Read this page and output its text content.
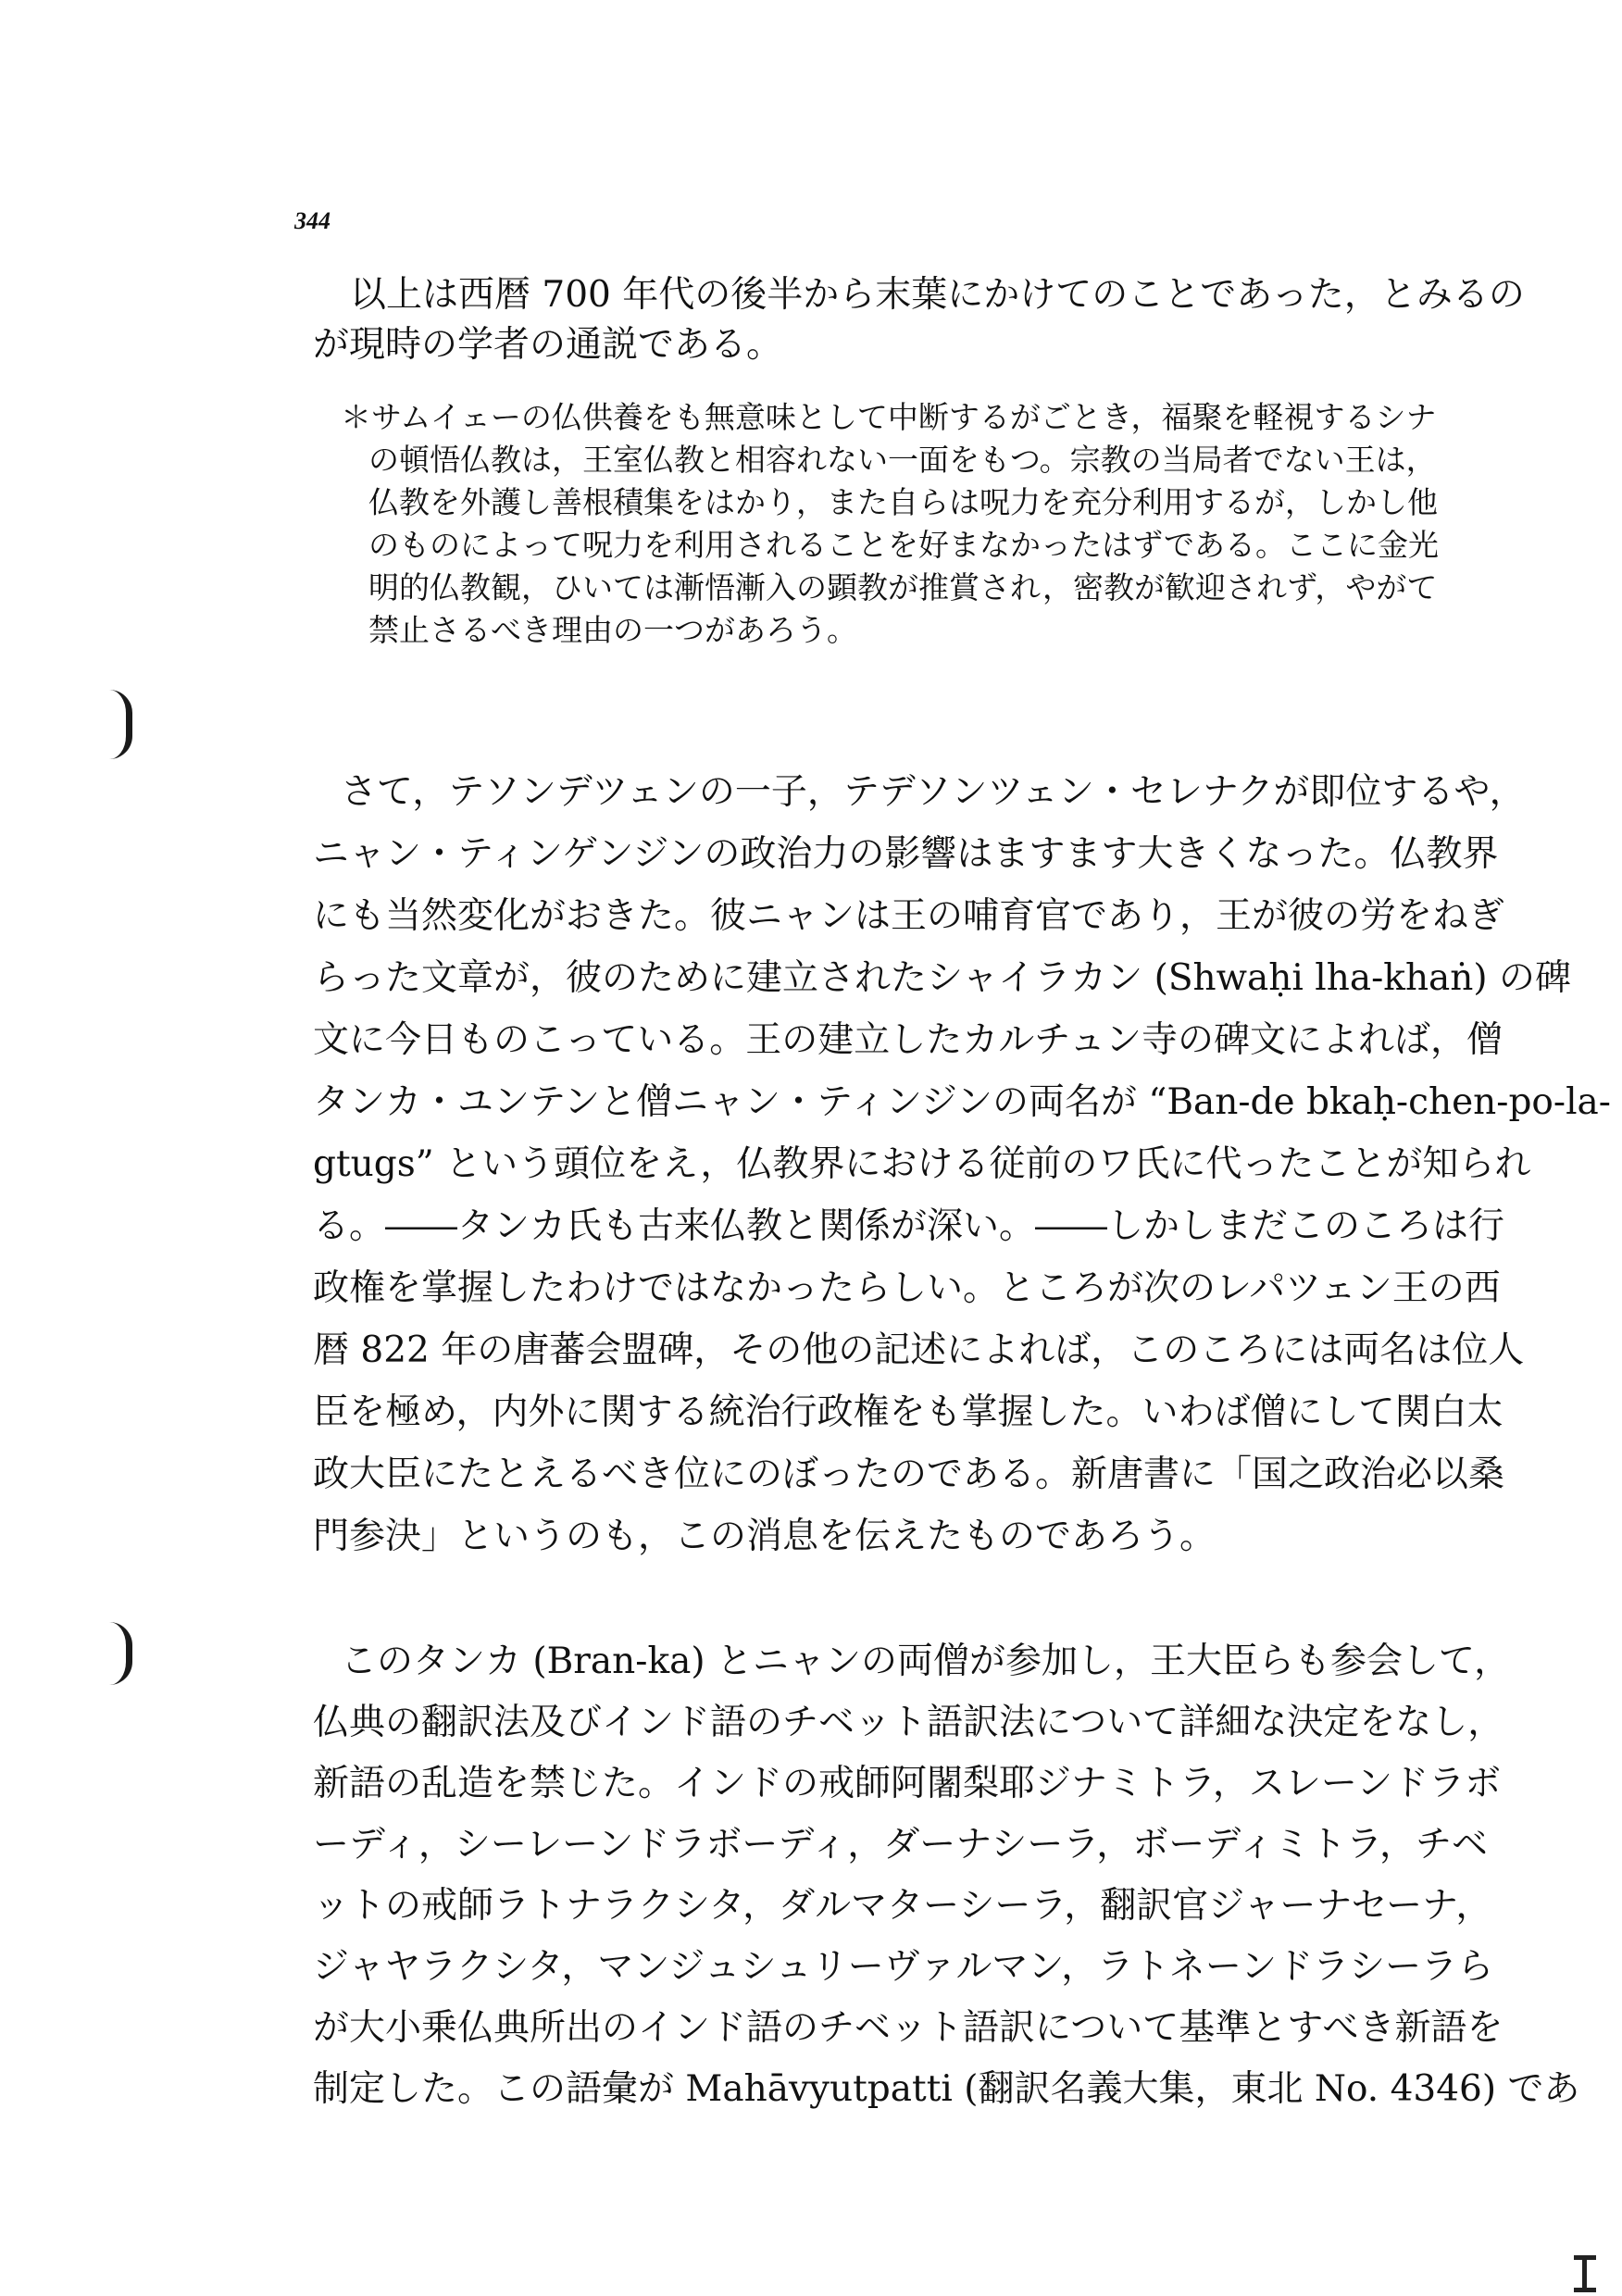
344
以上は西暦 700 年代の後半から末葉にかけてのことであった，とみるの
が現時の学者の通説である。
＊サムイェーの仏供養をも無意味として中断するがごとき，福聚を軽視するシナ
の頓悟仏教は，王室仏教と相容れない一面をもつ。宗教の当局者でない王は，
仏教を外護し善根積集をはかり，また自らは呪力を充分利用するが，しかし他
のものによって呪力を利用されることを好まなかったはずである。ここに金光
明的仏教観，ひいては漸悟漸入の顕教が推賞され，密教が歓迎されず，やがて
禁止さるべき理由の一つがあろう。
さて，テソンデツェンの一子，テデソンツェン・セレナクが即位するや，
ニャン・ティンゲンジンの政治力の影響はますます大きくなった。仏教界
にも当然変化がおきた。彼ニャンは王の哺育官であり，王が彼の労をねぎ
らった文章が，彼のために建立されたシャイラカン (Shwaḥi lha-khaṅ) の碑
文に今日ものこっている。王の建立したカルチュン寺の碑文によれば，僧
タンカ・ユンテンと僧ニャン・ティンジンの両名が “Ban-de bkaḥ-chen-po-la-
gtugs” という頭位をえ，仏教界における従前のワ氏に代ったことが知られ
る。――タンカ氏も古来仏教と関係が深い。――しかしまだこのころは行
政権を掌握したわけではなかったらしい。ところが次のレパツェン王の西
暦 822 年の唐蕃会盟碑，その他の記述によれば，このころには両名は位人
臣を極め，内外に関する統治行政権をも掌握した。いわば僧にして関白太
政大臣にたとえるべき位にのぼったのである。新唐書に「国之政治必以桑
門参決」というのも，この消息を伝えたものであろう。
このタンカ (Bran-ka) とニャンの両僧が参加し，王大臣らも参会して，
仏典の翻訳法及びインド語のチベット語訳法について詳細な決定をなし，
新語の乱造を禁じた。インドの戒師阿闍梨耶ジナミトラ，スレーンドラボ
ーディ，シーレーンドラボーディ，ダーナシーラ，ボーディミトラ，チベ
ットの戒師ラトナラクシタ，ダルマターシーラ，翻訳官ジャーナセーナ，
ジャヤラクシタ，マンジュシュリーヴァルマン，ラトネーンドラシーラら
が大小乗仏典所出のインド語のチベット語訳について基準とすべき新語を
制定した。この語彙が Mahāvyutpatti (翻訳名義大集，東北 No. 4346) であ
